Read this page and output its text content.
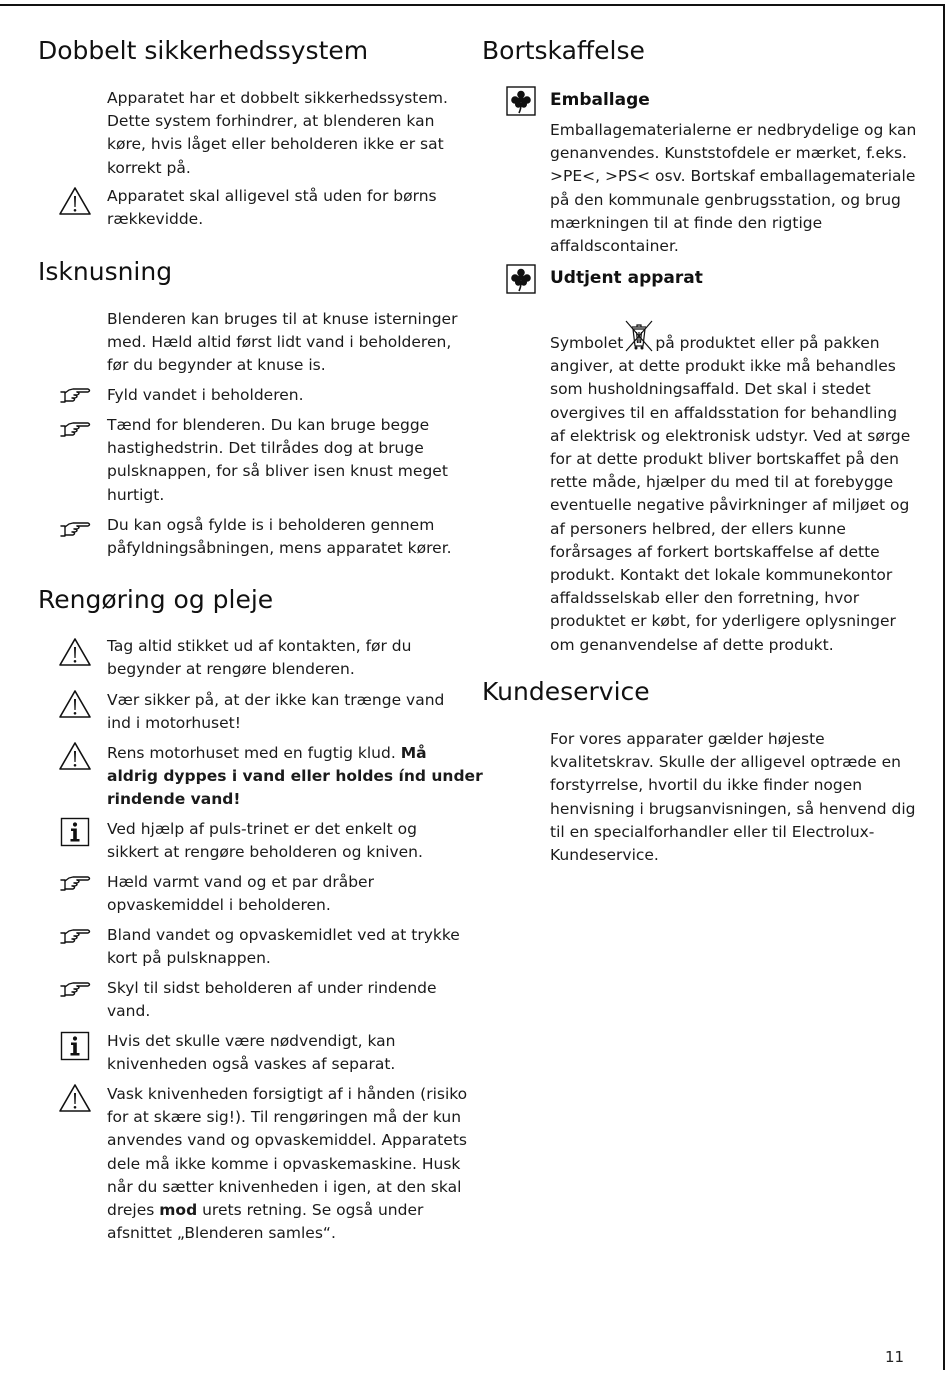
Dobbelt sikkerhedssystem
Apparatet har et dobbelt sikkerhedssystem.
Dette system forhindrer, at blenderen kan
køre, hvis låget eller beholderen ikke er sat
korrekt på.
Apparatet skal alligevel stå uden for børns
rækkevidde.
Isknusning
Blenderen kan bruges til at knuse isterninger
med. Hæld altid først lidt vand i beholderen,
før du begynder at knuse is.
Fyld vandet i beholderen.
Tænd for blenderen. Du kan bruge begge
hastighedstrin. Det tilrådes dog at bruge
pulsknappen, for så bliver isen knust meget
hurtigt.
Du kan også fylde is i beholderen gennem
påfyldningsåbningen, mens apparatet kører.
Rengøring og pleje
Tag altid stikket ud af kontakten, før du
begynder at rengøre blenderen.
Vær sikker på, at der ikke kan trænge vand
ind i motorhuset!
Rens motorhuset med en fugtig klud. Må
aldrig dyppes i vand eller holdes índ under
rindende vand!
Ved hjælp af puls-trinet er det enkelt og
sikkert at rengøre beholderen og kniven.
Hæld varmt vand og et par dråber
opvaskemiddel i beholderen.
Bland vandet og opvaskemidlet ved at trykke
kort på pulsknappen.
Skyl til sidst beholderen af under rindende
vand.
Hvis det skulle være nødvendigt, kan
knivenheden også vaskes af separat.
Vask knivenheden forsigtigt af i hånden (risiko
for at skære sig!). Til rengøringen må der kun
anvendes vand og opvaskemiddel. Apparatets
dele må ikke komme i opvaskemaskine. Husk
når du sætter knivenheden i igen, at den skal
drejes mod urets retning. Se også under
afsnittet „Blenderen samles“.
Bortskaffelse
Emballage
Emballagematerialerne er nedbrydelige og kan
genanvendes. Kunststofdele er mærket, f.eks.
>PE<, >PS< osv. Bortskaf emballagemateriale
på den kommunale genbrugsstation, og brug
mærkningen til at finde den rigtige
affaldscontainer.
Udtjent apparat
Symbolet på produktet eller på pakken
angiver, at dette produkt ikke må behandles
som husholdningsaffald. Det skal i stedet
overgives til en affaldsstation for behandling
af elektrisk og elektronisk udstyr. Ved at sørge
for at dette produkt bliver bortskaffet på den
rette måde, hjælper du med til at forebygge
eventuelle negative påvirkninger af miljøet og
af personers helbred, der ellers kunne
forårsages af forkert bortskaffelse af dette
produkt. Kontakt det lokale kommunekontor
affaldsselskab eller den forretning, hvor
produktet er købt, for yderligere oplysninger
om genanvendelse af dette produkt.
Kundeservice
For vores apparater gælder højeste
kvalitetskrav. Skulle der alligevel optræde en
forstyrrelse, hvortil du ikke finder nogen
henvisning i brugsanvisningen, så henvend dig
til en specialforhandler eller til Electrolux-
Kundeservice.
11
